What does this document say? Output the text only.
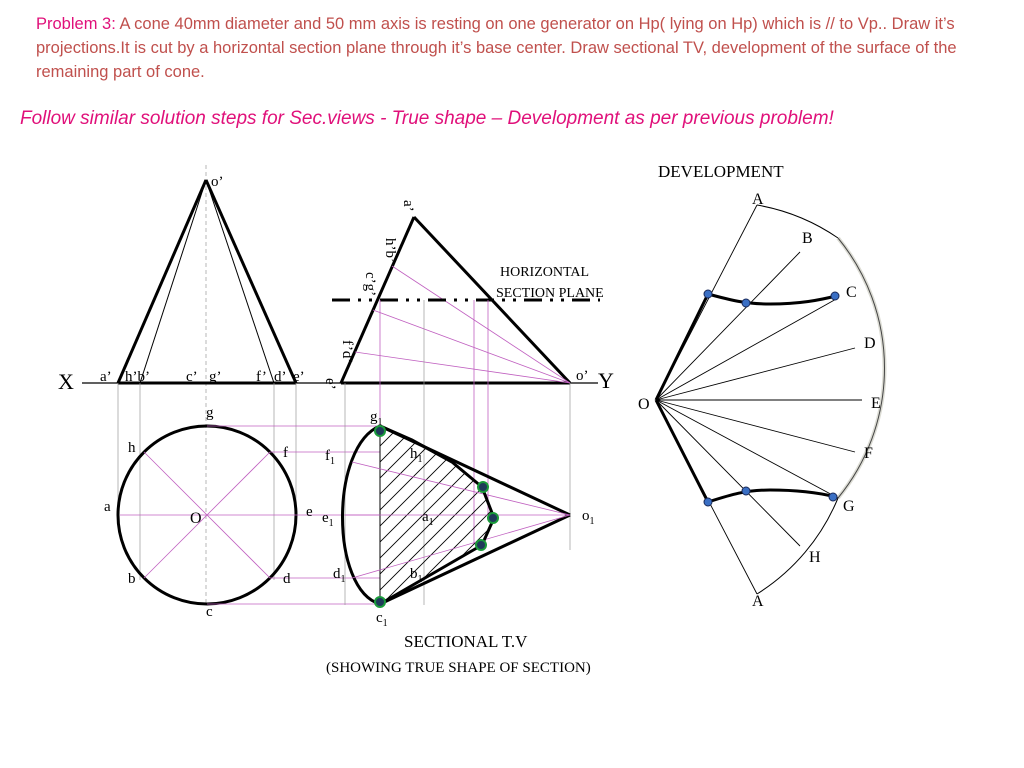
Problem 3: A cone 40mm diameter and 50 mm axis is resting on one generator on Hp( lying on Hp) which is // to Vp.. Draw it’s projections.It is cut by a horizontal section plane through it’s base center. Draw sectional TV, development of the surface of the remaining part of cone.
Follow similar solution steps for Sec.views - True shape – Development as per previous problem!
X	Y
o’
a’ h’b’ c’ g’ f’ d’ e’
O
g
h	f
a	e
b	d
c
o’
a’
h’b’
c’g’
f’d’
e’
HORIZONTAL
SECTION PLANE
$g_1$
$f_1$	$h_1$
$e_1$	$a_1$
$d_1$	$b_1$
$c_1$
$o_1$
SECTIONAL T.V
(SHOWING TRUE SHAPE OF SECTION)
DEVELOPMENT
O
A
B
C
D
E
F
G
H
A
